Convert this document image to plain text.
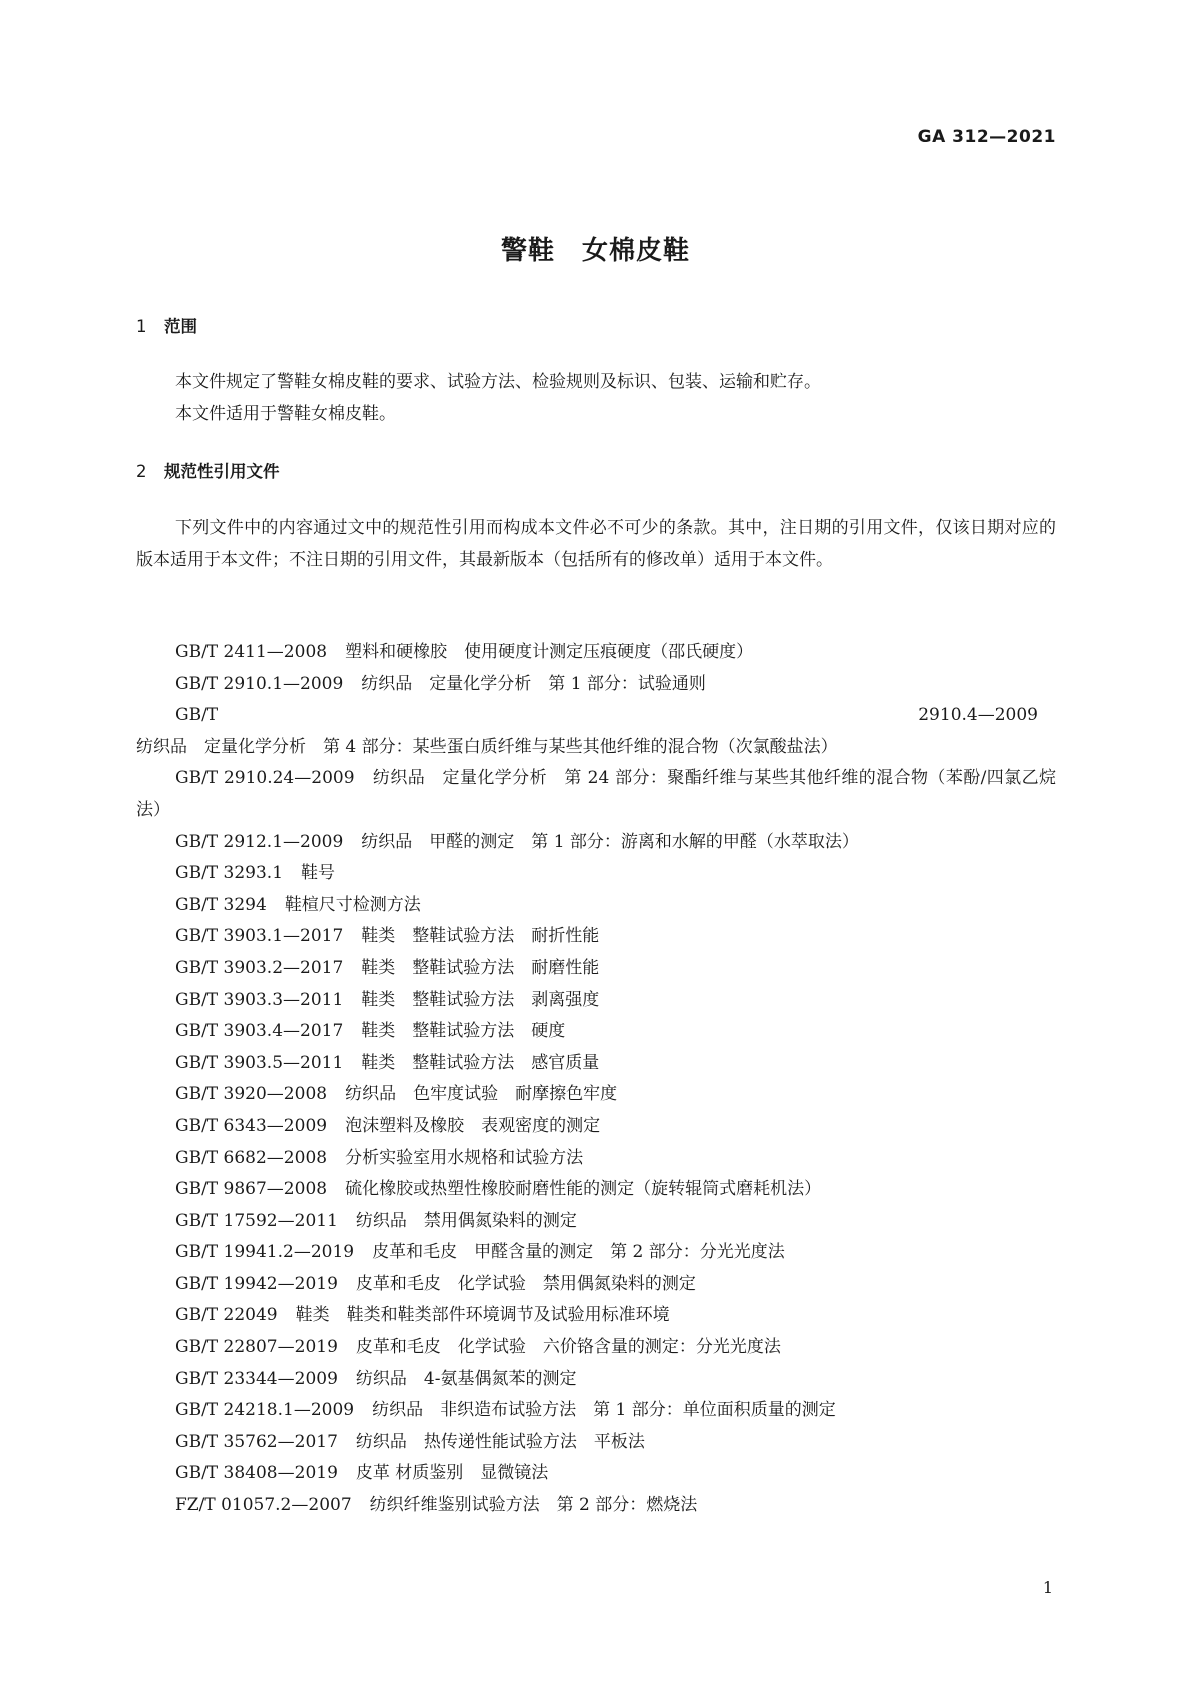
GA 312—2021
警鞋　女棉皮鞋
1 范围

本文件规定了警鞋女棉皮鞋的要求、试验方法、检验规则及标识、包装、运输和贮存。

本文件适用于警鞋女棉皮鞋。

2 规范性引用文件

下列文件中的内容通过文中的规范性引用而构成本文件必不可少的条款。其中，注日期的引用文件，仅该日期对应的版本适用于本文件；不注日期的引用文件，其最新版本（包括所有的修改单）适用于本文件。

GB/T 2411—2008 塑料和硬橡胶　使用硬度计测定压痕硬度（邵氏硬度）
GB/T 2910.1—2009 纺织品　定量化学分析　第 1 部分：试验通则
GB/T 2910.4—2009纺织品　定量化学分析　第 4 部分：某些蛋白质纤维与某些其他纤维的混合物（次氯酸盐法）
GB/T 2910.24—2009 纺织品　定量化学分析　第 24 部分：聚酯纤维与某些其他纤维的混合物（苯酚/四氯乙烷法）
GB/T 2912.1—2009 纺织品　甲醛的测定　第 1 部分：游离和水解的甲醛（水萃取法）
GB/T 3293.1 鞋号
GB/T 3294 鞋楦尺寸检测方法
GB/T 3903.1—2017 鞋类　整鞋试验方法　耐折性能
GB/T 3903.2—2017 鞋类　整鞋试验方法　耐磨性能
GB/T 3903.3—2011 鞋类　整鞋试验方法　剥离强度
GB/T 3903.4—2017 鞋类　整鞋试验方法　硬度
GB/T 3903.5—2011 鞋类　整鞋试验方法　感官质量
GB/T 3920—2008 纺织品　色牢度试验　耐摩擦色牢度
GB/T 6343—2009 泡沫塑料及橡胶　表观密度的测定
GB/T 6682—2008 分析实验室用水规格和试验方法
GB/T 9867—2008 硫化橡胶或热塑性橡胶耐磨性能的测定（旋转辊筒式磨耗机法）
GB/T 17592—2011 纺织品　禁用偶氮染料的测定
GB/T 19941.2—2019 皮革和毛皮　甲醛含量的测定　第 2 部分：分光光度法
GB/T 19942—2019 皮革和毛皮　化学试验　禁用偶氮染料的测定
GB/T 22049 鞋类　鞋类和鞋类部件环境调节及试验用标准环境
GB/T 22807—2019 皮革和毛皮　化学试验　六价铬含量的测定：分光光度法
GB/T 23344—2009 纺织品　4-氨基偶氮苯的测定
GB/T 24218.1—2009 纺织品　非织造布试验方法　第 1 部分：单位面积质量的测定
GB/T 35762—2017 纺织品　热传递性能试验方法　平板法
GB/T 38408—2019 皮革 材质鉴别　显微镜法
FZ/T 01057.2—2007 纺织纤维鉴别试验方法　第 2 部分：燃烧法
1
